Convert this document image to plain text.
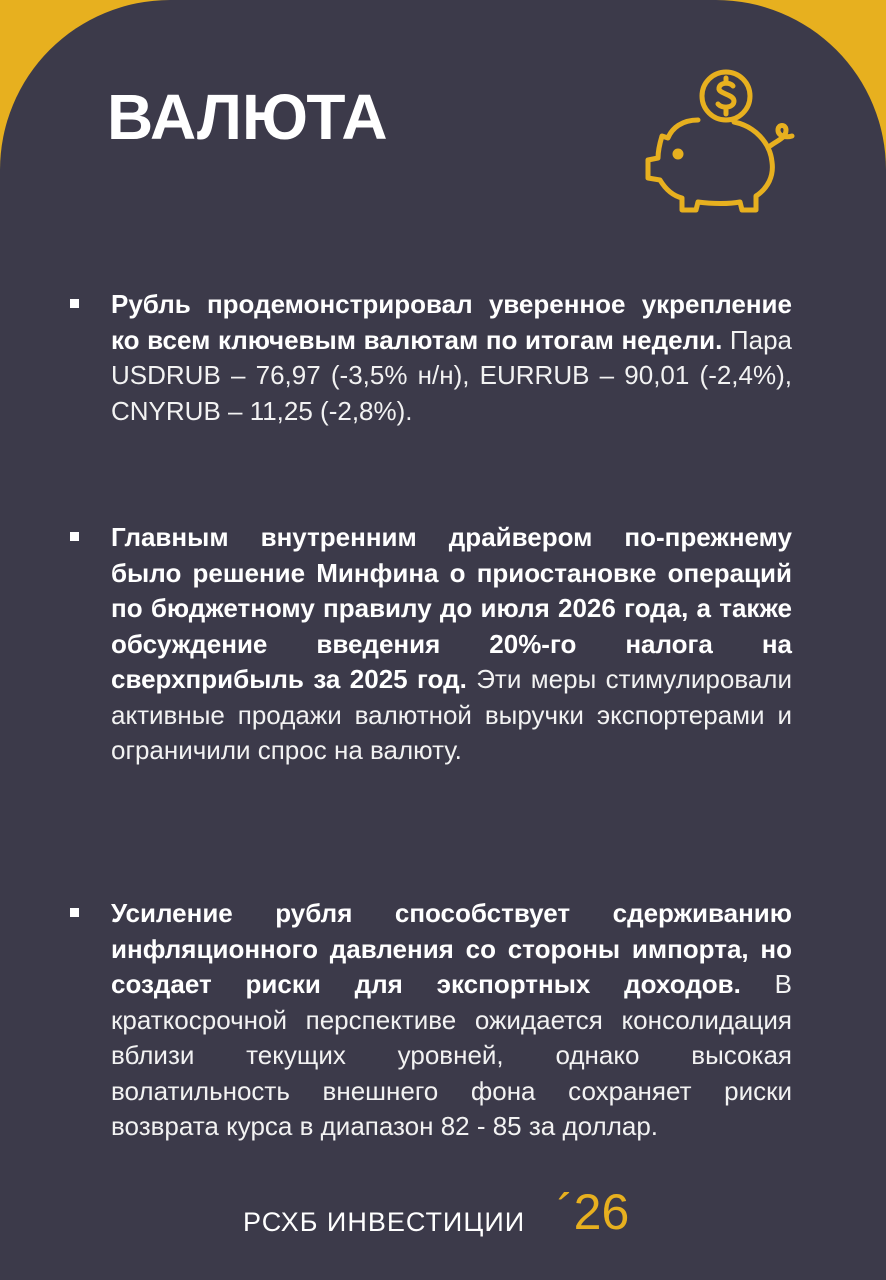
ВАЛЮТА

Рубль продемонстрировал уверенное укрепление ко всем ключевым валютам по итогам недели. Пара USDRUB – 76,97 (-3,5% н/н), EURRUB – 90,01 (-2,4%), CNYRUB – 11,25 (-2,8%).

Главным внутренним драйвером по-прежнему было решение Минфина о приостановке операций по бюджетному правилу до июля 2026 года, а также обсуждение введения 20%-го налога на сверхприбыль за 2025 год. Эти меры стимулировали активные продажи валютной выручки экспортерами и ограничили спрос на валюту.

Усиление рубля способствует сдерживанию инфляционного давления со стороны импорта, но создает риски для экспортных доходов. В краткосрочной перспективе ожидается консолидация вблизи текущих уровней, однако высокая волатильность внешнего фона сохраняет риски возврата курса в диапазон 82 - 85 за доллар.

РСХБ ИНВЕСТИЦИИ ´26
